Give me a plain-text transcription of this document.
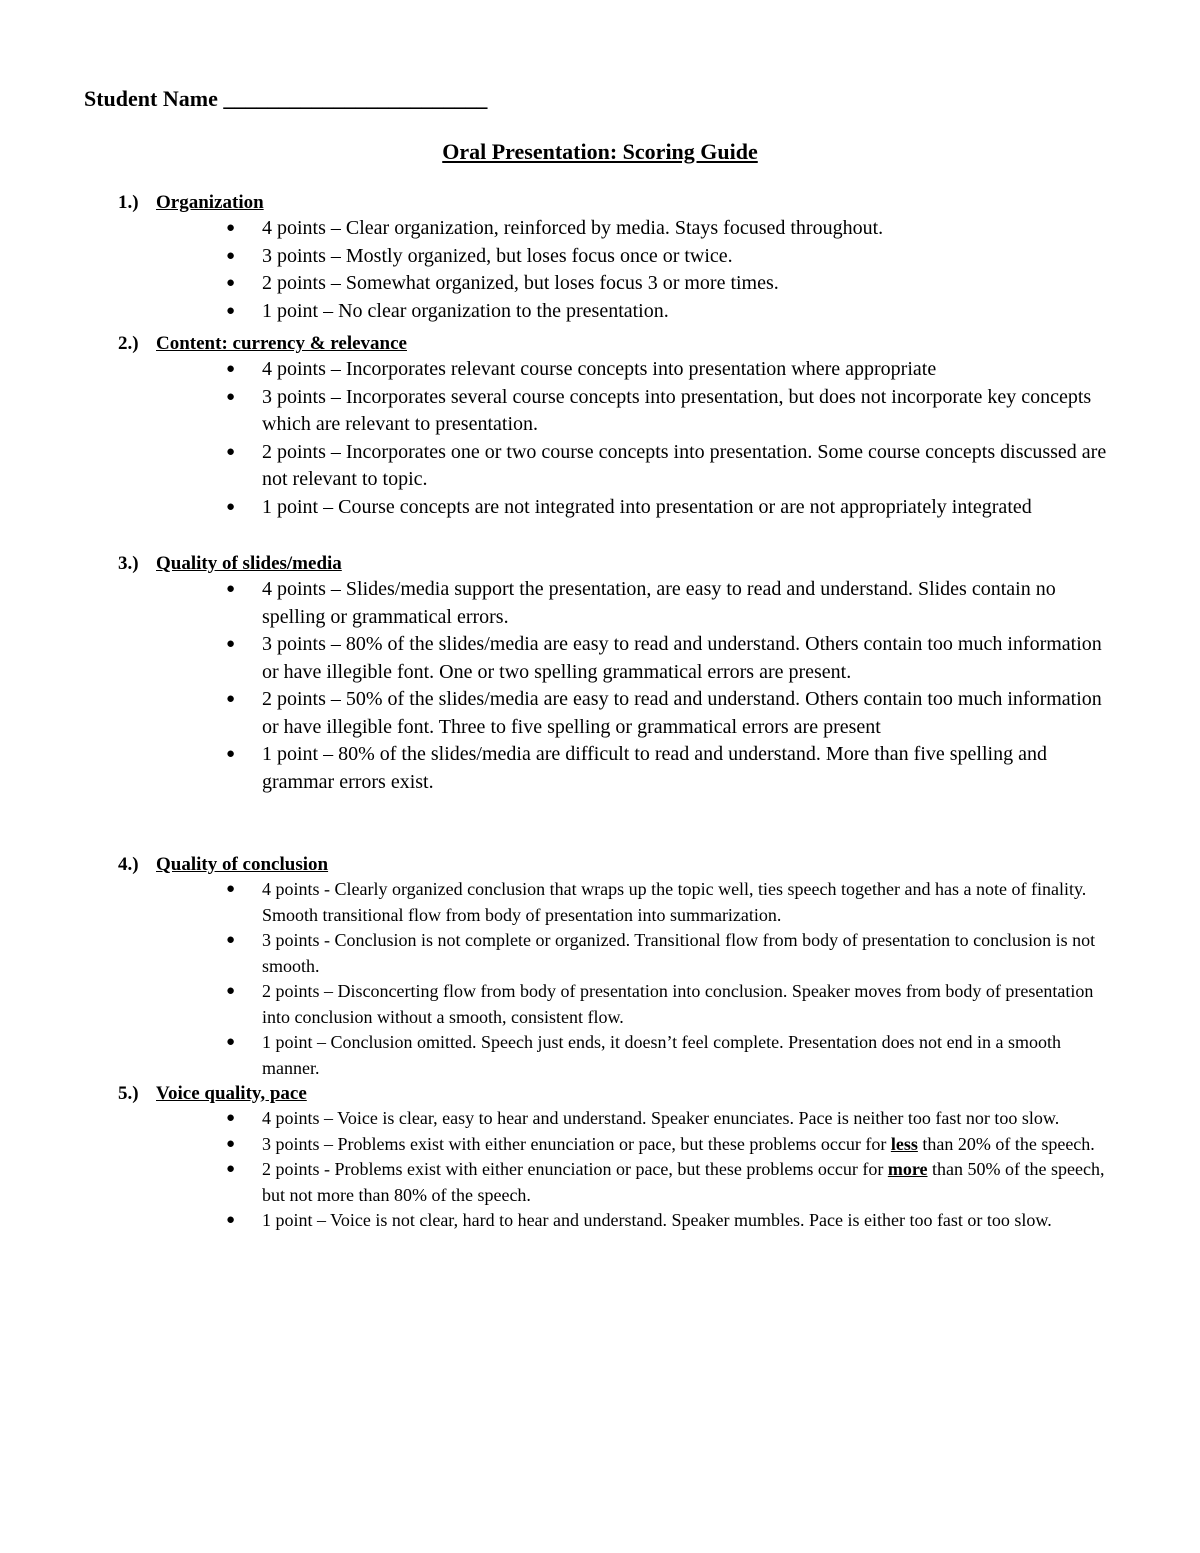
Student Name ________________________
Oral Presentation: Scoring Guide
1.) Organization
● 4 points – Clear organization, reinforced by media. Stays focused throughout.
● 3 points – Mostly organized, but loses focus once or twice.
● 2 points – Somewhat organized, but loses focus 3 or more times.
● 1 point – No clear organization to the presentation.
2.) Content: currency & relevance
● 4 points – Incorporates relevant course concepts into presentation where appropriate
● 3 points – Incorporates several course concepts into presentation, but does not incorporate key concepts which are relevant to presentation.
● 2 points – Incorporates one or two course concepts into presentation. Some course concepts discussed are not relevant to topic.
● 1 point – Course concepts are not integrated into presentation or are not appropriately integrated
3.) Quality of slides/media
● 4 points – Slides/media support the presentation, are easy to read and understand. Slides contain no spelling or grammatical errors.
● 3 points – 80% of the slides/media are easy to read and understand. Others contain too much information or have illegible font. One or two spelling grammatical errors are present.
● 2 points – 50% of the slides/media are easy to read and understand. Others contain too much information or have illegible font. Three to five spelling or grammatical errors are present
● 1 point – 80% of the slides/media are difficult to read and understand. More than five spelling and grammar errors exist.
4.) Quality of conclusion
● 4 points - Clearly organized conclusion that wraps up the topic well, ties speech together and has a note of finality. Smooth transitional flow from body of presentation into summarization.
● 3 points - Conclusion is not complete or organized. Transitional flow from body of presentation to conclusion is not smooth.
● 2 points – Disconcerting flow from body of presentation into conclusion. Speaker moves from body of presentation into conclusion without a smooth, consistent flow.
● 1 point – Conclusion omitted. Speech just ends, it doesn’t feel complete. Presentation does not end in a smooth manner.
5.) Voice quality, pace
● 4 points – Voice is clear, easy to hear and understand. Speaker enunciates. Pace is neither too fast nor too slow.
● 3 points – Problems exist with either enunciation or pace, but these problems occur for less than 20% of the speech.
● 2 points - Problems exist with either enunciation or pace, but these problems occur for more than 50% of the speech, but not more than 80% of the speech.
● 1 point – Voice is not clear, hard to hear and understand. Speaker mumbles. Pace is either too fast or too slow.
